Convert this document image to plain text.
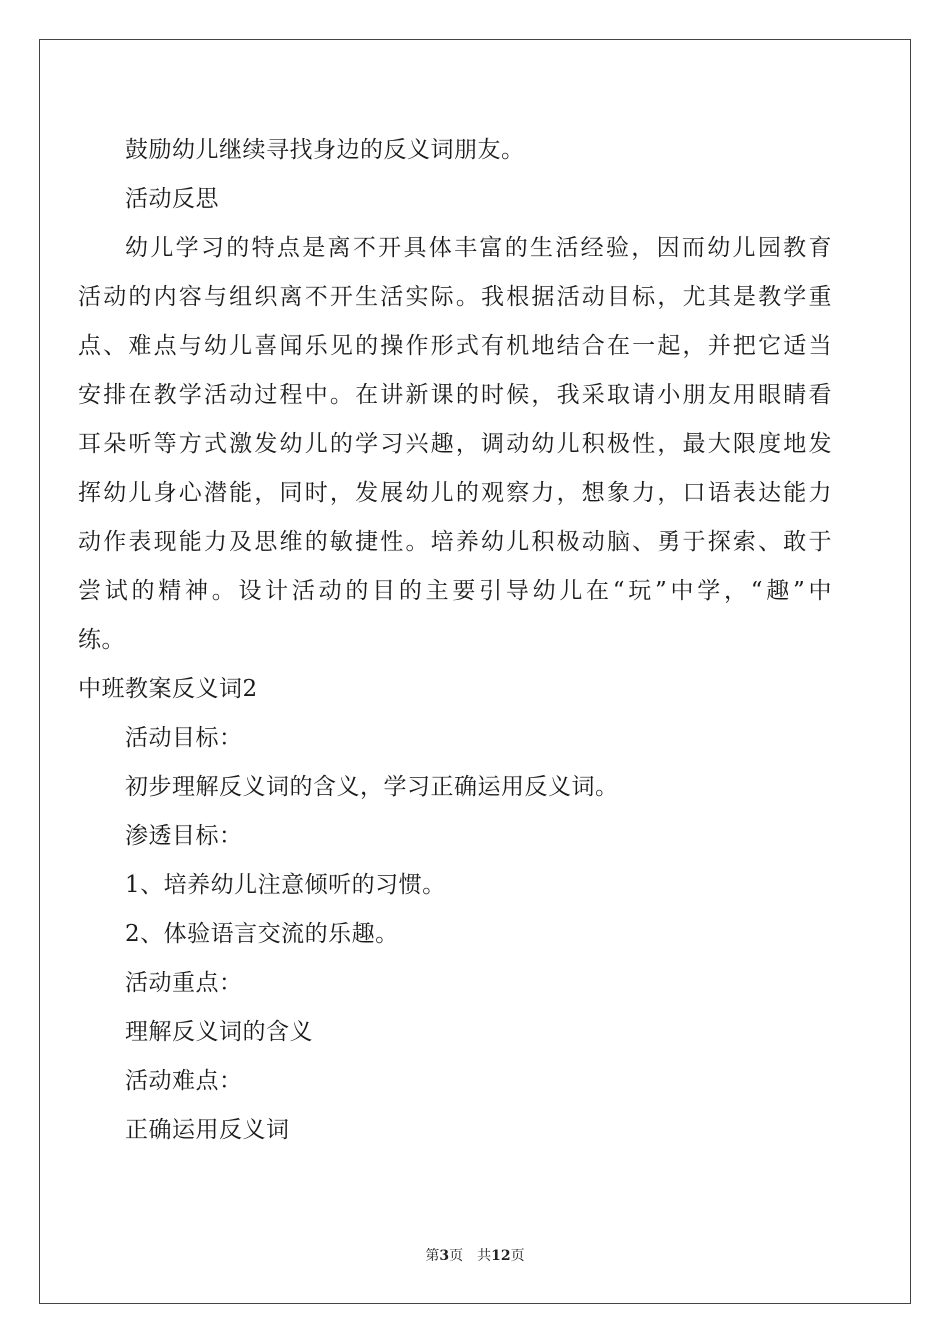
鼓励幼儿继续寻找身边的反义词朋友。
活动反思
幼儿学习的特点是离不开具体丰富的生活经验，因而幼儿园教育
活动的内容与组织离不开生活实际。我根据活动目标，尤其是教学重
点、难点与幼儿喜闻乐见的操作形式有机地结合在一起，并把它适当
安排在教学活动过程中。在讲新课的时候，我采取请小朋友用眼睛看
耳朵听等方式激发幼儿的学习兴趣，调动幼儿积极性，最大限度地发
挥幼儿身心潜能，同时，发展幼儿的观察力，想象力，口语表达能力
动作表现能力及思维的敏捷性。培养幼儿积极动脑、勇于探索、敢于
尝试的精神。设计活动的目的主要引导幼儿在“玩”中学，“趣”中
练。
中班教案反义词2
活动目标：
初步理解反义词的含义，学习正确运用反义词。
渗透目标：
1、培养幼儿注意倾听的习惯。
2、体验语言交流的乐趣。
活动重点：
理解反义词的含义
活动难点：
正确运用反义词
第3页 共12页
